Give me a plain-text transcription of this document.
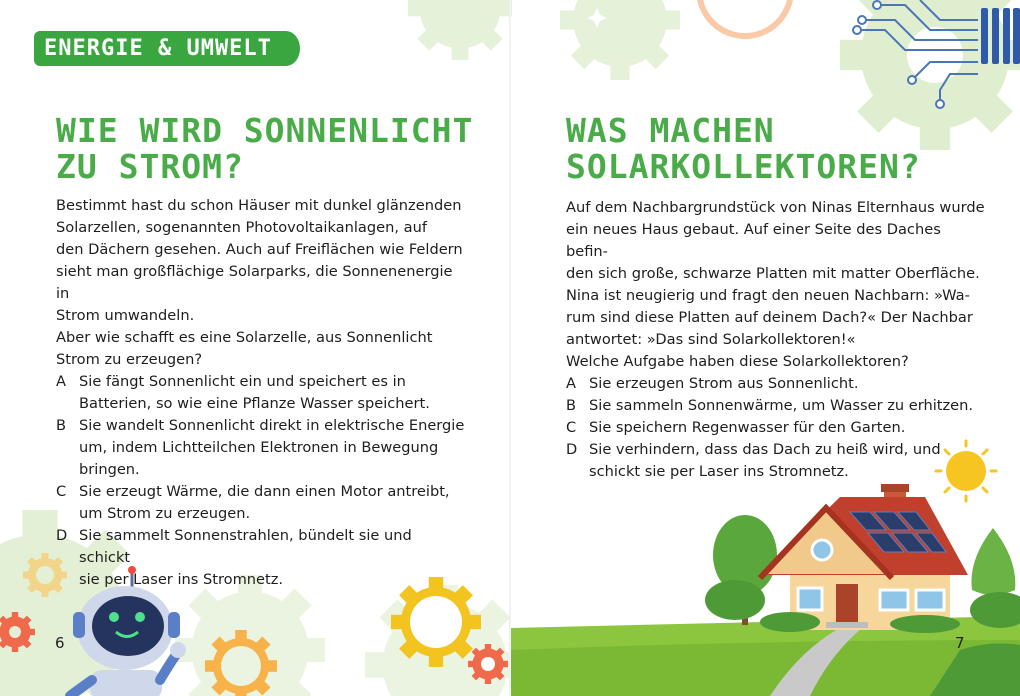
ENERGIE & UMWELT
WIE WIRD SONNENLICHT
ZU STROM?

Bestimmt hast du schon Häuser mit dunkel glänzenden

Solarzellen, sogenannten Photovoltaikanlagen, auf

den Dächern gesehen. Auch auf Freiflächen wie Feldern

sieht man großflächige Solarparks, die Sonnenenergie in

Strom umwandeln.

Aber wie schafft es eine Solarzelle, aus Sonnenlicht

Strom zu erzeugen?

A Sie fängt Sonnenlicht ein und speichert es in
Batterien, so wie eine Pflanze Wasser speichert.
B Sie wandelt Sonnenlicht direkt in elektrische Energie
um, indem Lichtteilchen Elektronen in Bewegung
bringen.
C Sie erzeugt Wärme, die dann einen Motor antreibt,
um Strom zu erzeugen.
D Sie sammelt Sonnenstrahlen, bündelt sie und schickt
sie per Laser ins Stromnetz.
6
WAS MACHEN
SOLARKOLLEKTOREN?

Auf dem Nachbargrundstück von Ninas Elternhaus wurde

ein neues Haus gebaut. Auf einer Seite des Daches befin-

den sich große, schwarze Platten mit matter Oberfläche.

Nina ist neugierig und fragt den neuen Nachbarn: »Wa-

rum sind diese Platten auf deinem Dach?« Der Nachbar

antwortet: »Das sind Solarkollektoren!«

Welche Aufgabe haben diese Solarkollektoren?

A Sie erzeugen Strom aus Sonnenlicht.
B Sie sammeln Sonnenwärme, um Wasser zu erhitzen.
C Sie speichern Regenwasser für den Garten.
D Sie verhindern, dass das Dach zu heiß wird, und
schickt sie per Laser ins Stromnetz.
7
